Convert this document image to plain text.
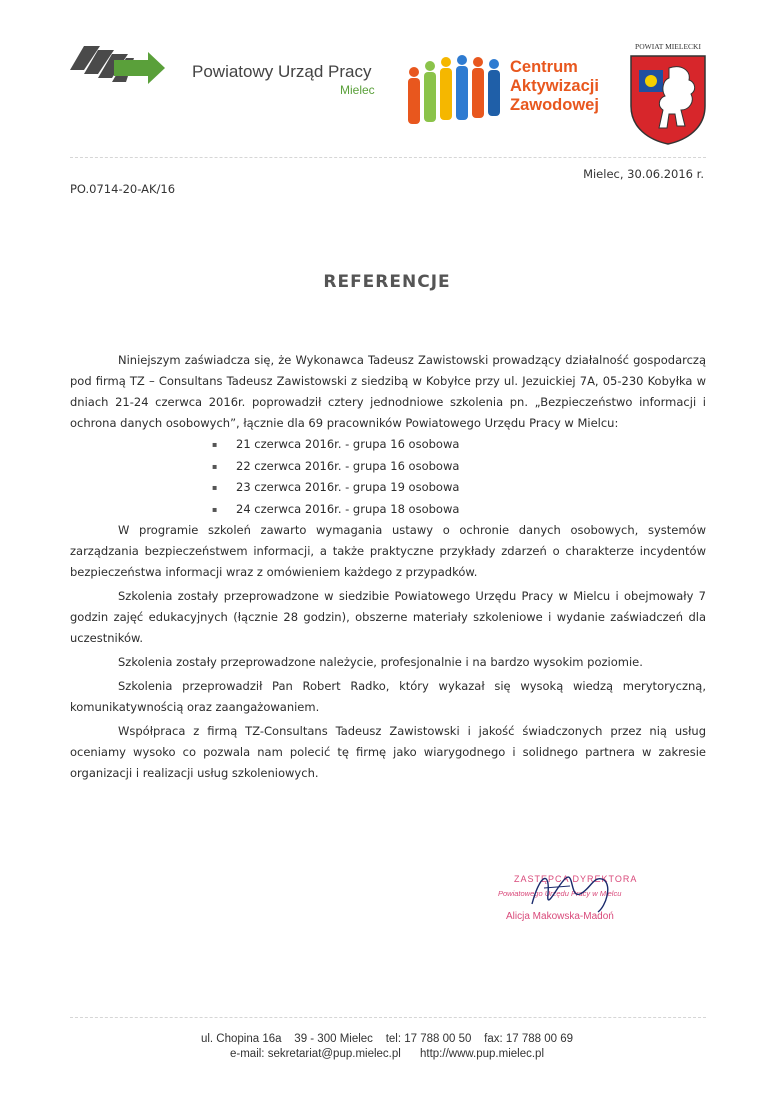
Powiatowy Urząd Pracy
Mielec
Centrum
Aktywizacji
Zawodowej
POWIAT MIELECKI
Mielec, 30.06.2016 r.
PO.0714-20-AK/16
REFERENCJE

Niniejszym zaświadcza się, że Wykonawca Tadeusz Zawistowski prowadzący działalność gospodarczą pod firmą TZ – Consultans Tadeusz Zawistowski z siedzibą w Kobyłce przy ul. Jezuickiej 7A, 05-230 Kobyłka w dniach 21-24 czerwca 2016r. poprowadził cztery jednodniowe szkolenia pn. „Bezpieczeństwo informacji i ochrona danych osobowych”, łącznie dla 69 pracowników Powiatowego Urzędu Pracy w Mielcu:

▪ 21 czerwca 2016r. - grupa 16 osobowa
▪ 22 czerwca 2016r. - grupa 16 osobowa
▪ 23 czerwca 2016r. - grupa 19 osobowa
▪ 24 czerwca 2016r. - grupa 18 osobowa

W programie szkoleń zawarto wymagania ustawy o ochronie danych osobowych, systemów zarządzania bezpieczeństwem informacji, a także praktyczne przykłady zdarzeń o charakterze incydentów bezpieczeństwa informacji wraz z omówieniem każdego z przypadków.

Szkolenia zostały przeprowadzone w siedzibie Powiatowego Urzędu Pracy w Mielcu i obejmowały 7 godzin zajęć edukacyjnych (łącznie 28 godzin), obszerne materiały szkoleniowe i wydanie zaświadczeń dla uczestników.

Szkolenia zostały przeprowadzone należycie, profesjonalnie i na bardzo wysokim poziomie.

Szkolenia przeprowadził Pan Robert Radko, który wykazał się wysoką wiedzą merytoryczną, komunikatywnością oraz zaangażowaniem.

Współpraca z firmą TZ-Consultans Tadeusz Zawistowski i jakość świadczonych przez nią usług oceniamy wysoko co pozwala nam polecić tę firmę jako wiarygodnego i solidnego partnera w zakresie organizacji i realizacji usług szkoleniowych.

ZASTĘPCA DYREKTORA
Powiatowego Urzędu Pracy w Mielcu
Alicja Makowska-Madoń
ul. Chopina 16a    39 - 300 Mielec    tel: 17 788 00 50    fax: 17 788 00 69
e-mail: sekretariat@pup.mielec.pl      http://www.pup.mielec.pl
